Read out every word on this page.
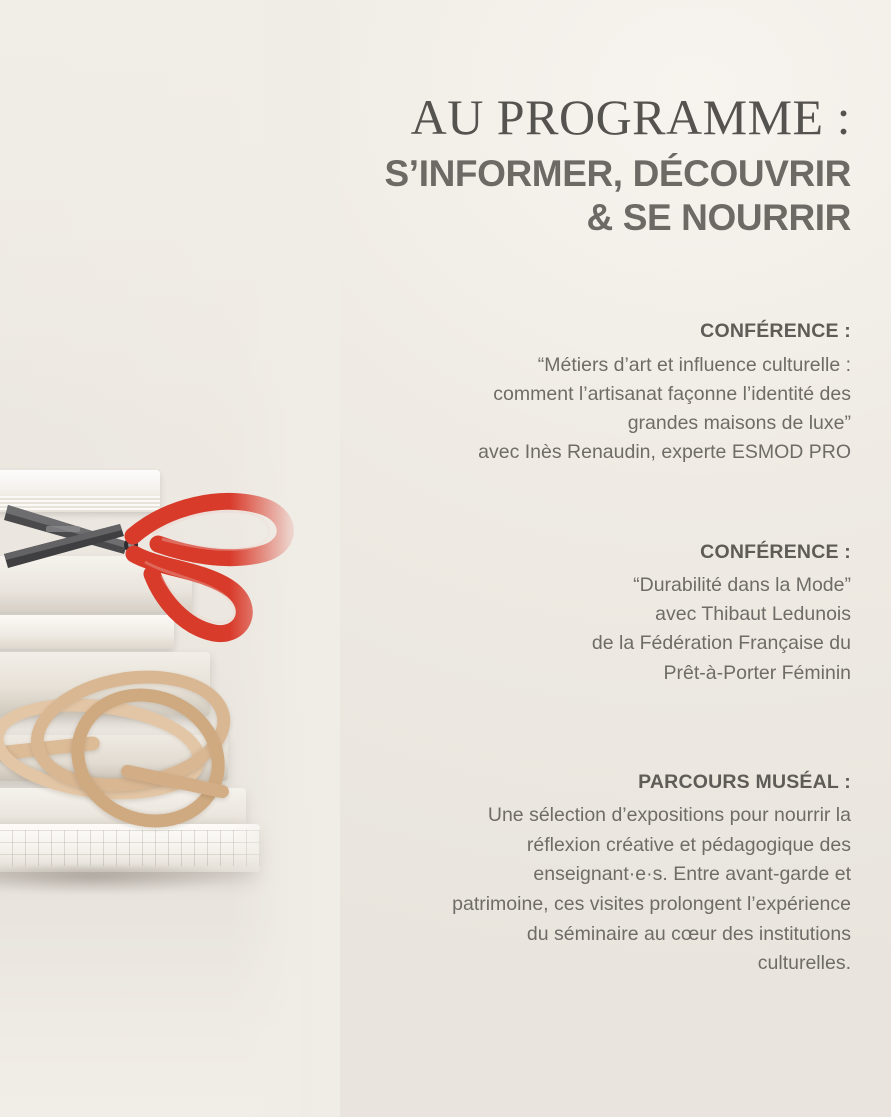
AU PROGRAMME :
S’INFORMER, DÉCOUVRIR
& SE NOURRIR
CONFÉRENCE :

“Métiers d’art et influence culturelle :

comment l’artisanat façonne l’identité des

grandes maisons de luxe”

avec Inès Renaudin, experte ESMOD PRO

CONFÉRENCE :

“Durabilité dans la Mode”

avec Thibaut Ledunois

de la Fédération Française du

Prêt-à-Porter Féminin

PARCOURS MUSÉAL :

Une sélection d’expositions pour nourrir la

réflexion créative et pédagogique des

enseignant·e·s. Entre avant-garde et

patrimoine, ces visites prolongent l’expérience

du séminaire au cœur des institutions

culturelles.
